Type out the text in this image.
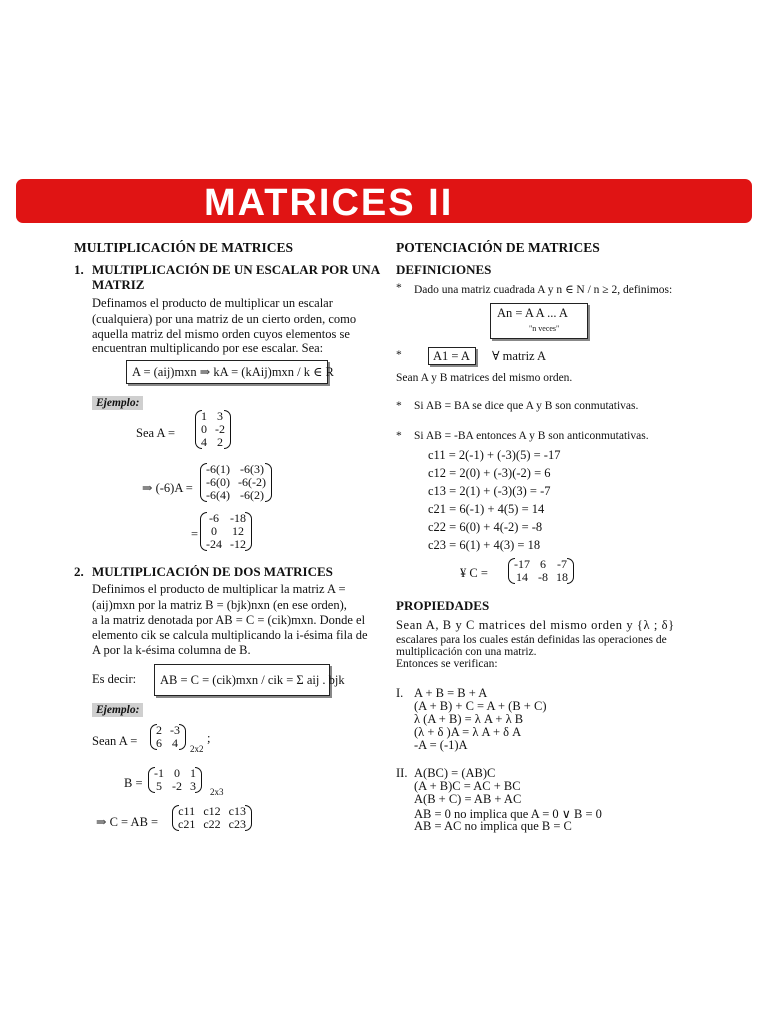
MATRICES II
MULTIPLICACIÓN DE MATRICES
1. MULTIPLICACIÓN DE UN ESCALAR POR UNA
MATRIZ
Definamos el producto de multiplicar un escalar
(cualquiera) por una matriz de un cierto orden, como
aquella matriz del mismo orden cuyos elementos se
encuentran multiplicando por ese escalar. Sea:
A = (aij)mxn ⇒ kA = (kAij)mxn / k ∈ R
Ejemplo:
Sea A =
1	3
0	-2
4	2
⇒ (-6)A =
-6(1)	-6(3)
-6(0)	-6(-2)
-6(4)	-6(2)
=
-6	-18
0	12
-24	-12
2. MULTIPLICACIÓN DE DOS MATRICES
Definimos el producto de multiplicar la matriz A =
(aij)mxn por la matriz B = (bjk)nxn (en ese orden),
a la matriz denotada por AB = C = (cik)mxn. Donde el
elemento cik se calcula multiplicando la i-ésima fila de
A por la k-ésima columna de B.
Es decir: AB = C = (cik)mxn / cik = Σ aij . bjk
Ejemplo:
Sean A =
2	-3
6	4 2x2
;
B =
-1	0	1
5	-2	3 2x3
⇒ C = AB =
c11	c12	c13
c21	c22	c23
POTENCIACIÓN DE MATRICES
DEFINICIONES
* Dado una matriz cuadrada A y n ∈ N / n ≥ 2, definimos:
An = A A ... A
"n veces"
*	A1 = A ∀ matriz A
Sean A y B matrices del mismo orden.
* Si AB = BA se dice que A y B son conmutativas.
* Si AB = -BA entonces A y B son anticonmutativas.
c11 = 2(-1) + (-3)(5) = -17
c12 = 2(0) + (-3)(-2) = 6
c13 = 2(1) + (-3)(3) = -7
c21 = 6(-1) + 4(5) = 14
c22 = 6(0) + 4(-2) = -8
c23 = 6(1) + 4(3) = 18
¥ C =
-17	6	-7
14	-8	18
PROPIEDADES
Sean A, B y C matrices del mismo orden y {λ ; δ}
escalares para los cuales están definidas las operaciones de
multiplicación con una matriz.
Entonces se verifican:
I. A + B = B + A
(A + B) + C = A + (B + C)
λ (A + B) = λ A + λ B
(λ + δ )A = λ A + δ A
-A = (-1)A
II. A(BC) = (AB)C
(A + B)C = AC + BC
A(B + C) = AB + AC
AB = 0 no implica que A = 0 ∨ B = 0
AB = AC no implica que B = C
